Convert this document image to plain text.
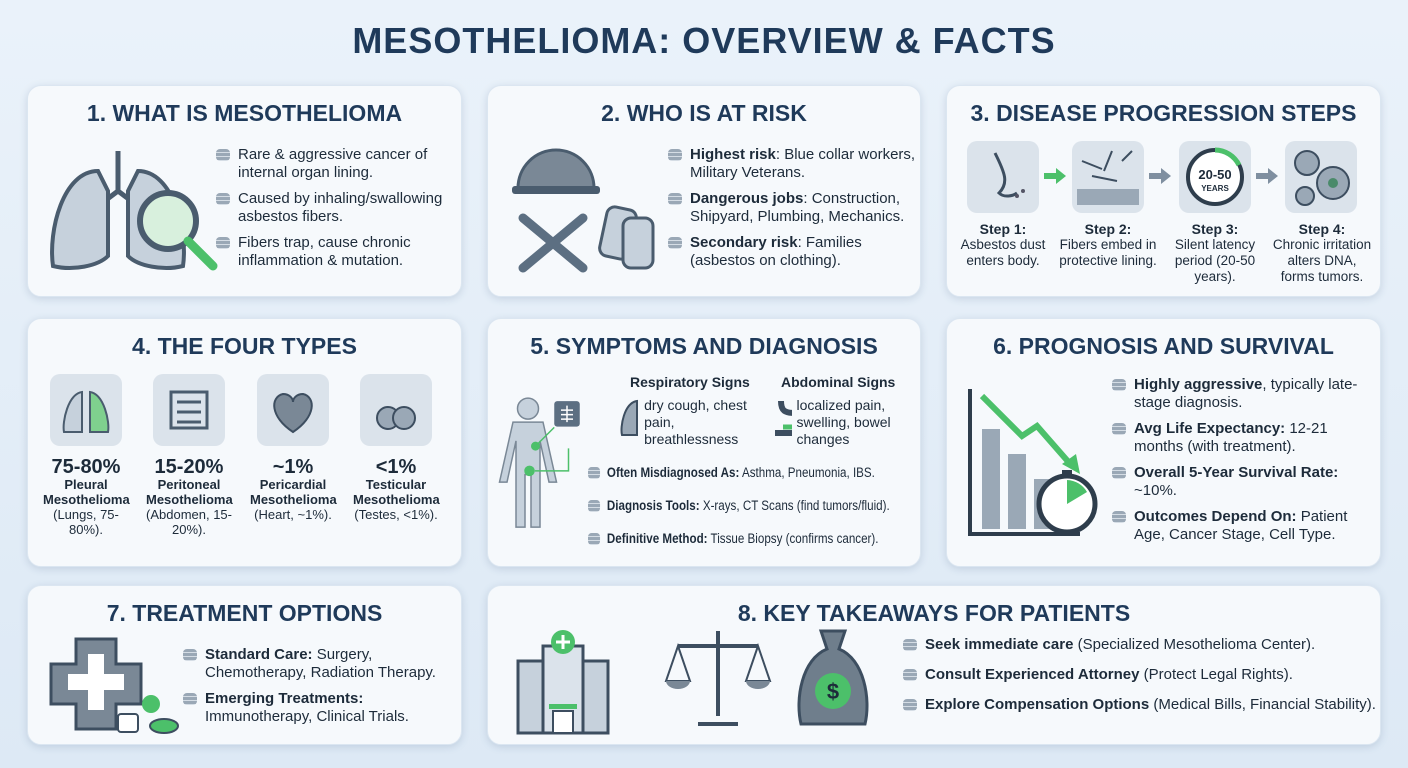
MESOTHELIOMA: OVERVIEW & FACTS
1. WHAT IS MESOTHELIOMA
Rare & aggressive cancer of internal organ lining.
Caused by inhaling/swallowing asbestos fibers.
Fibers trap, cause chronic inflammation & mutation.
2. WHO IS AT RISK
Highest risk: Blue collar workers, Military Veterans.
Dangerous jobs: Construction, Shipyard, Plumbing, Mechanics.
Secondary risk: Families (asbestos on clothing).
3. DISEASE PROGRESSION STEPS
20-50
YEARS
Step 1:
Asbestos dust enters body.
Step 2:
Fibers embed in protective lining.
Step 3:
Silent latency period (20-50 years).
Step 4:
Chronic irritation alters DNA, forms tumors.
4. THE FOUR TYPES
75-80%
Pleural Mesothelioma
(Lungs, 75-80%).
15-20%
Peritoneal Mesothelioma
(Abdomen, 15-20%).
~1%
Pericardial Mesothelioma
(Heart, ~1%).
<1%
Testicular Mesothelioma
(Testes, <1%).
5. SYMPTOMS AND DIAGNOSIS
Respiratory Signs
dry cough, chest pain, breathlessness
Abdominal Signs
localized pain, swelling, bowel changes
Often Misdiagnosed As: Asthma, Pneumonia, IBS.
Diagnosis Tools: X-rays, CT Scans (find tumors/fluid).
Definitive Method: Tissue Biopsy (confirms cancer).
6. PROGNOSIS AND SURVIVAL
Highly aggressive, typically late-stage diagnosis.
Avg Life Expectancy: 12-21 months (with treatment).
Overall 5-Year Survival Rate: ~10%.
Outcomes Depend On: Patient Age, Cancer Stage, Cell Type.
7. TREATMENT OPTIONS
Standard Care: Surgery, Chemotherapy, Radiation Therapy.
Emerging Treatments: Immunotherapy, Clinical Trials.
8. KEY TAKEAWAYS FOR PATIENTS
$
Seek immediate care (Specialized Mesothelioma Center).
Consult Experienced Attorney (Protect Legal Rights).
Explore Compensation Options (Medical Bills, Financial Stability).
